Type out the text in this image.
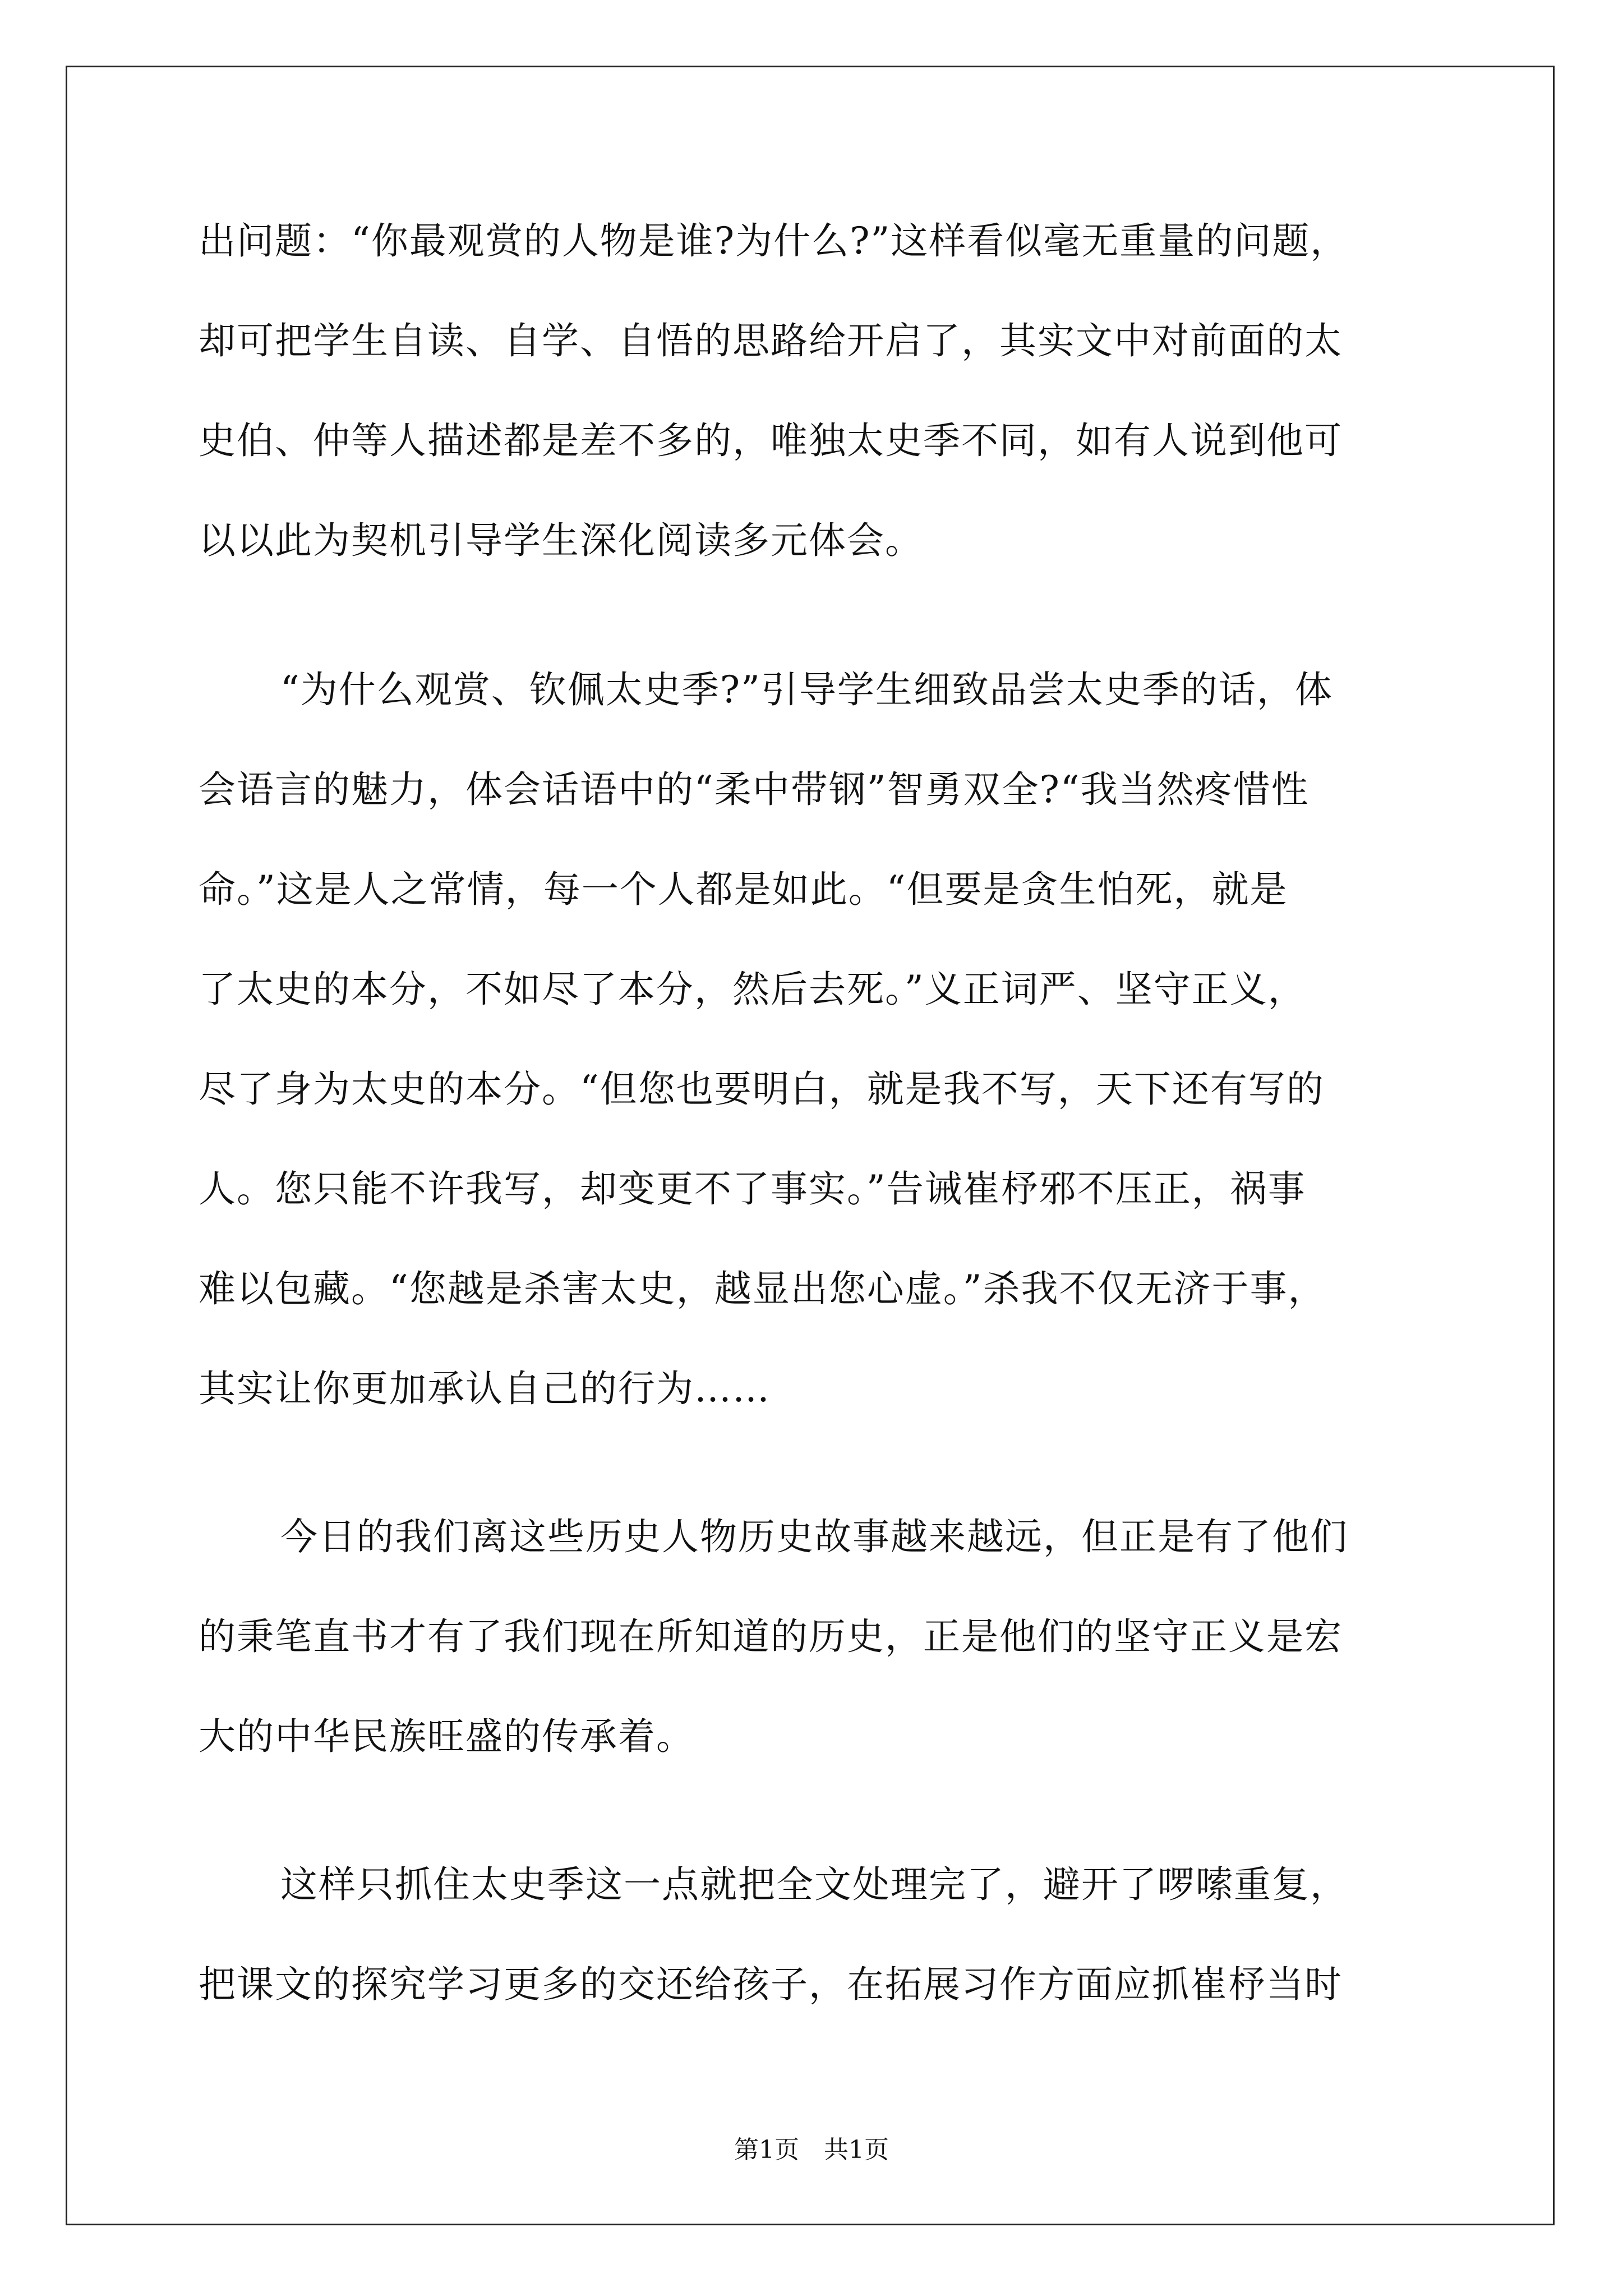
出问题：“你最观赏的人物是谁?为什么?”这样看似毫无重量的问题，
却可把学生自读、自学、自悟的思路给开启了，其实文中对前面的太
史伯、仲等人描述都是差不多的，唯独太史季不同，如有人说到他可
以以此为契机引导学生深化阅读多元体会。
“为什么观赏、钦佩太史季?”引导学生细致品尝太史季的话，体
会语言的魅力，体会话语中的“柔中带钢”智勇双全?“我当然疼惜性
命。”这是人之常情，每一个人都是如此。“但要是贪生怕死，就是
了太史的本分，不如尽了本分，然后去死。”义正词严、坚守正义，
尽了身为太史的本分。“但您也要明白，就是我不写，天下还有写的
人。您只能不许我写，却变更不了事实。”告诫崔杼邪不压正，祸事
难以包藏。“您越是杀害太史，越显出您心虚。”杀我不仅无济于事，
其实让你更加承认自己的行为……
今日的我们离这些历史人物历史故事越来越远，但正是有了他们
的秉笔直书才有了我们现在所知道的历史，正是他们的坚守正义是宏
大的中华民族旺盛的传承着。
这样只抓住太史季这一点就把全文处理完了，避开了啰嗦重复，
把课文的探究学习更多的交还给孩子，在拓展习作方面应抓崔杼当时
第1页　共1页
